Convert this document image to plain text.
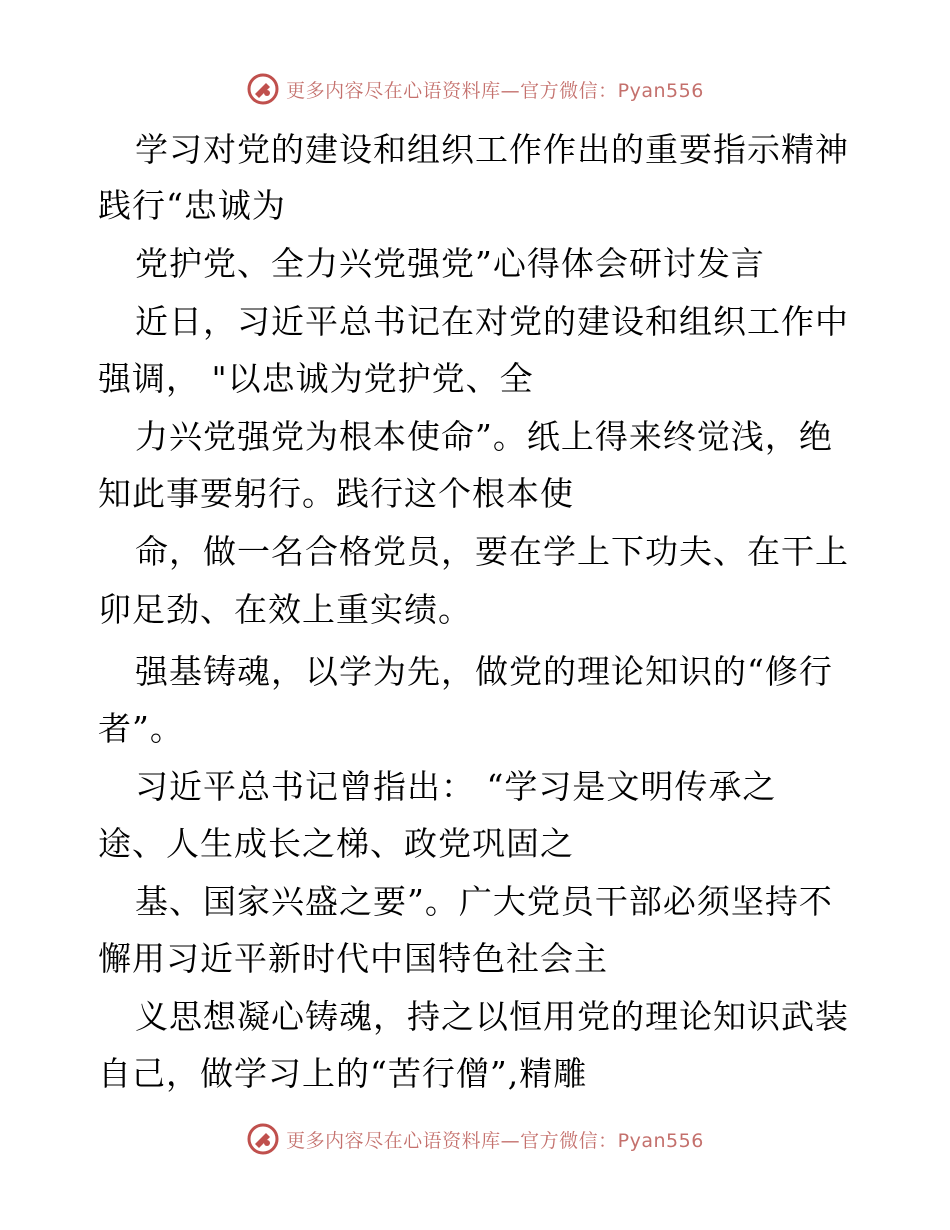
更多内容尽在心语资料库—官方微信：Pyan556
学习对党的建设和组织工作作出的重要指示精神
践行“忠诚为
党护党、全力兴党强党”心得体会研讨发言
近日，习近平总书记在对党的建设和组织工作中
强调， "以忠诚为党护党、全
力兴党强党为根本使命”。纸上得来终觉浅，绝
知此事要躬行。践行这个根本使
命，做一名合格党员，要在学上下功夫、在干上
卯足劲、在效上重实绩。
强基铸魂，以学为先，做党的理论知识的“修行
者”。
习近平总书记曾指出： “学习是文明传承之
途、人生成长之梯、政党巩固之
基、国家兴盛之要”。广大党员干部必须坚持不
懈用习近平新时代中国特色社会主
义思想凝心铸魂，持之以恒用党的理论知识武装
自己，做学习上的“苦行僧”,精雕
更多内容尽在心语资料库—官方微信：Pyan556
